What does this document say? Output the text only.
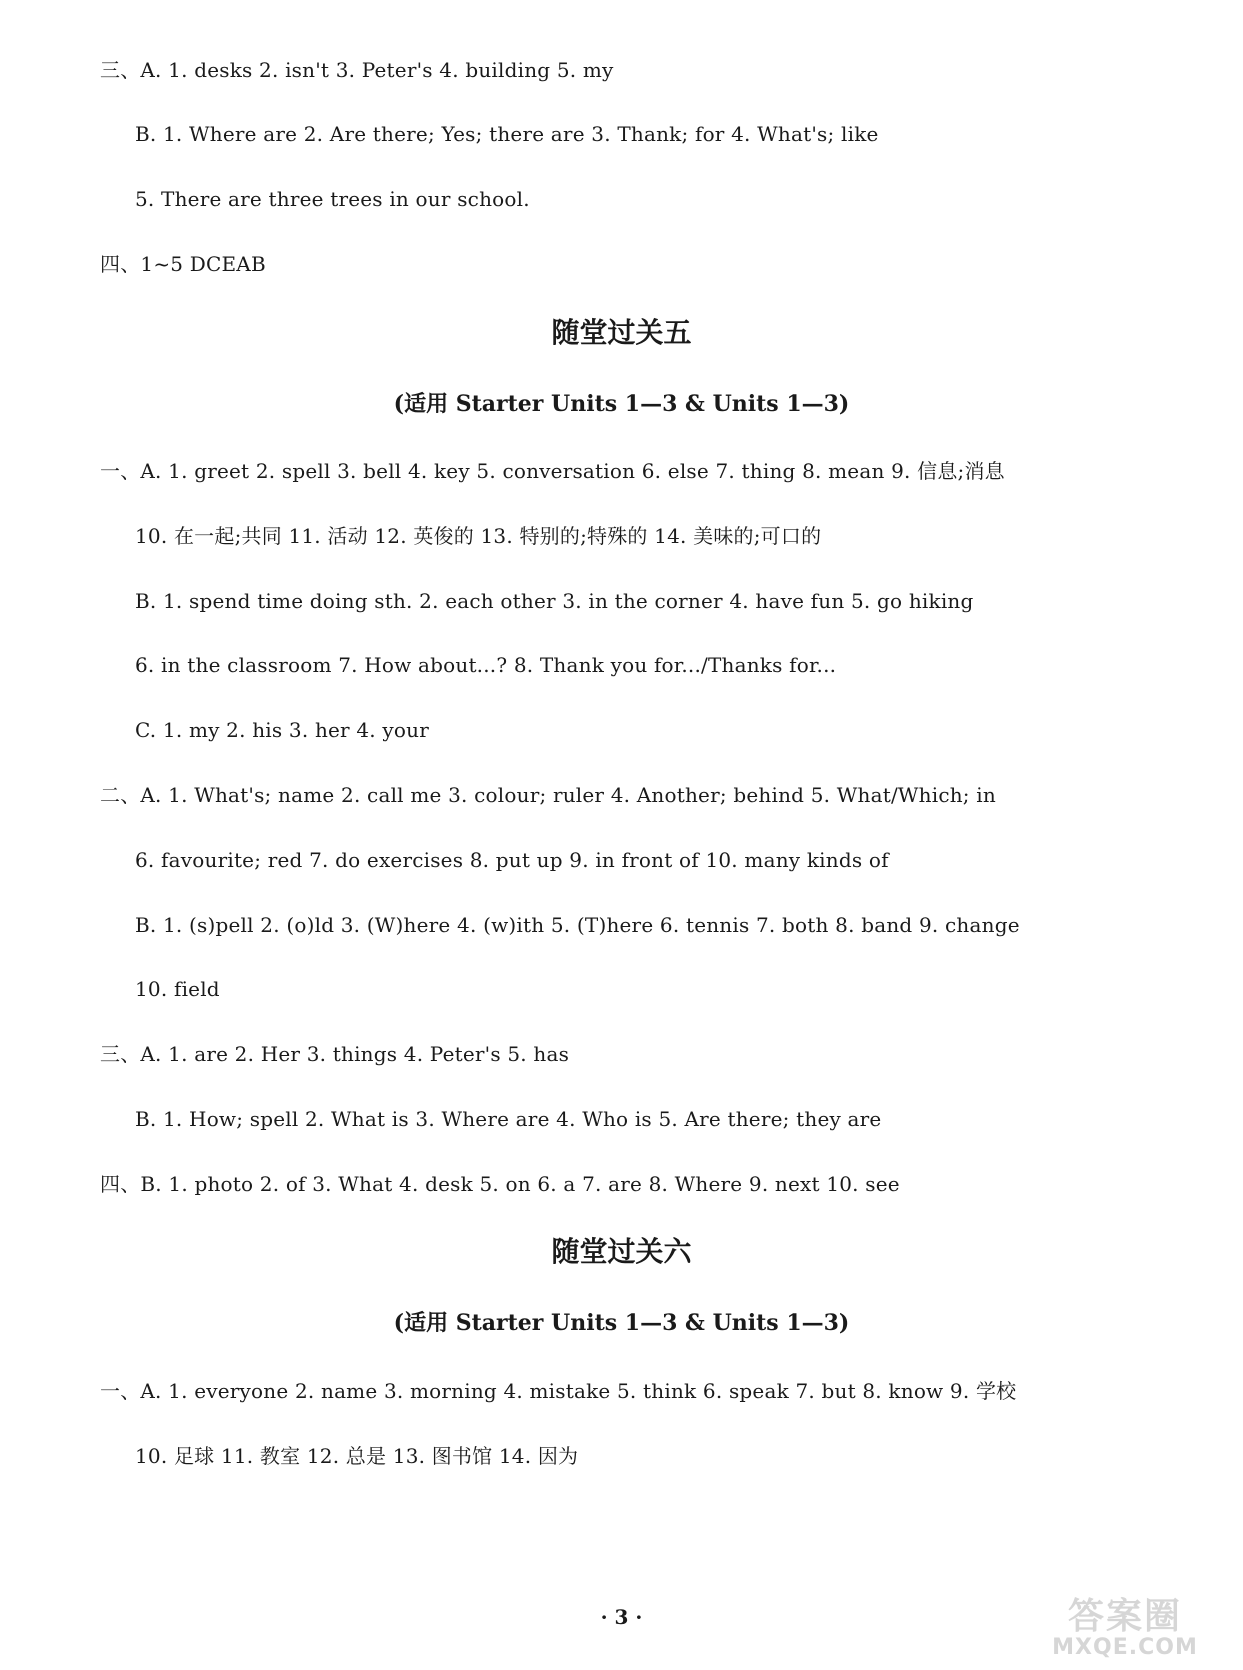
三、A. 1. desks 2. isn't 3. Peter's 4. building 5. my
B. 1. Where are 2. Are there; Yes; there are 3. Thank; for 4. What's; like
5. There are three trees in our school.
四、1~5 DCEAB
随堂过关五
(适用 Starter Units 1—3 & Units 1—3)
一、A. 1. greet 2. spell 3. bell 4. key 5. conversation 6. else 7. thing 8. mean 9. 信息;消息
10. 在一起;共同 11. 活动 12. 英俊的 13. 特别的;特殊的 14. 美味的;可口的
B. 1. spend time doing sth. 2. each other 3. in the corner 4. have fun 5. go hiking
6. in the classroom 7. How about...? 8. Thank you for.../Thanks for...
C. 1. my 2. his 3. her 4. your
二、A. 1. What's; name 2. call me 3. colour; ruler 4. Another; behind 5. What/Which; in
6. favourite; red 7. do exercises 8. put up 9. in front of 10. many kinds of
B. 1. (s)pell 2. (o)ld 3. (W)here 4. (w)ith 5. (T)here 6. tennis 7. both 8. band 9. change
10. field
三、A. 1. are 2. Her 3. things 4. Peter's 5. has
B. 1. How; spell 2. What is 3. Where are 4. Who is 5. Are there; they are
四、B. 1. photo 2. of 3. What 4. desk 5. on 6. a 7. are 8. Where 9. next 10. see
随堂过关六
(适用 Starter Units 1—3 & Units 1—3)
一、A. 1. everyone 2. name 3. morning 4. mistake 5. think 6. speak 7. but 8. know 9. 学校
10. 足球 11. 教室 12. 总是 13. 图书馆 14. 因为
· 3 ·	答案圈
MXQE.COM
